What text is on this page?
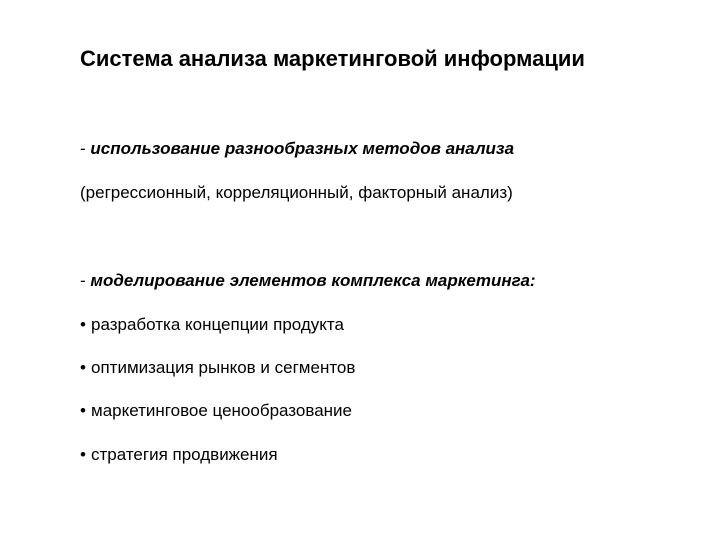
Система анализа маркетинговой информации
- использование разнообразных методов анализа
(регрессионный, корреляционный, факторный анализ)
- моделирование элементов комплекса маркетинга:
• разработка концепции продукта
• оптимизация рынков и сегментов
• маркетинговое ценообразование
• стратегия продвижения
